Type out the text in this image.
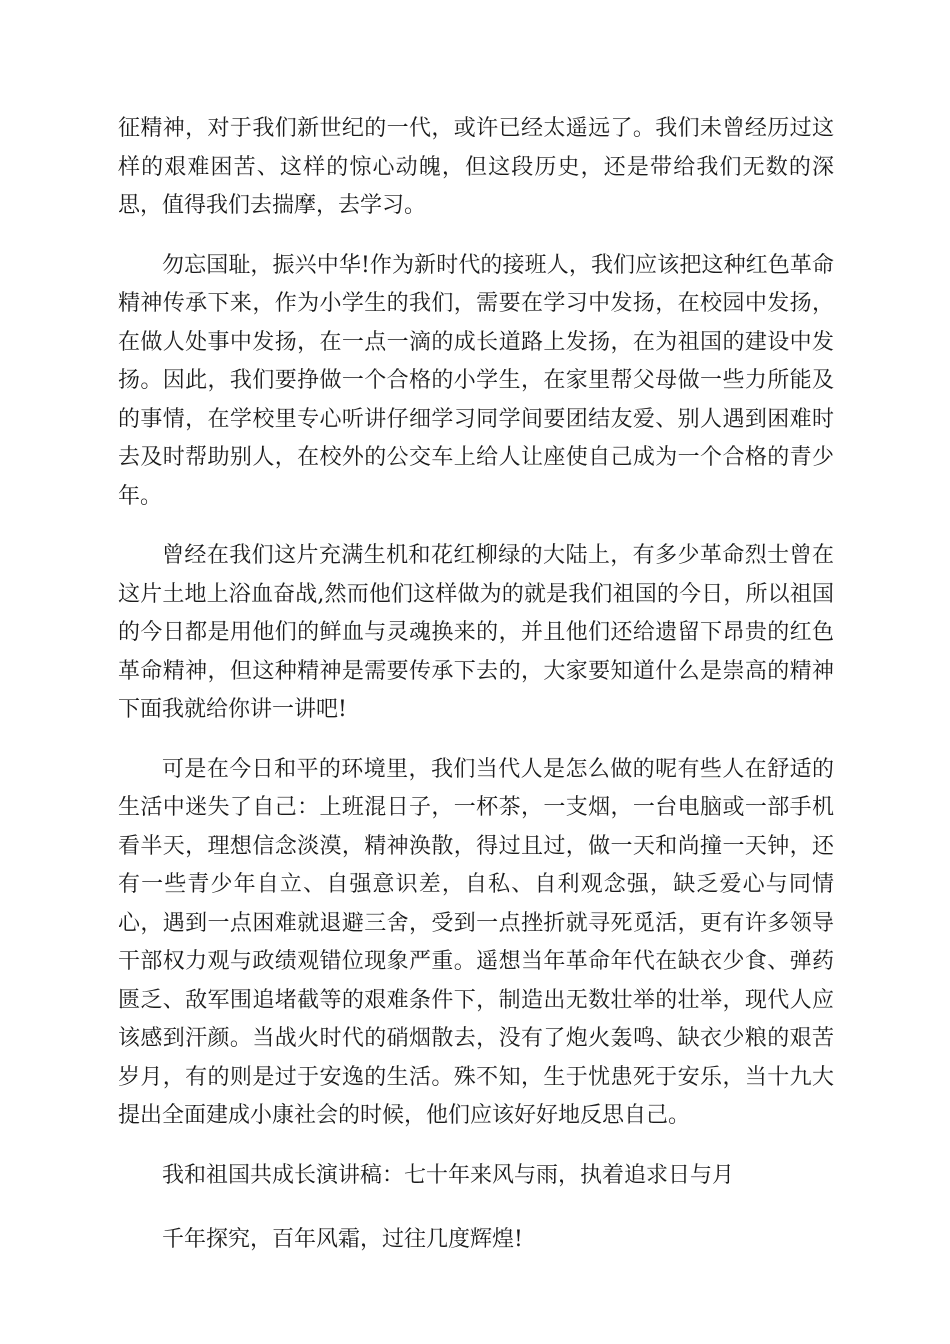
征精神，对于我们新世纪的一代，或许已经太遥远了。我们未曾经历过这样的艰难困苦、这样的惊心动魄，但这段历史，还是带给我们无数的深思，值得我们去揣摩，去学习。

勿忘国耻，振兴中华!作为新时代的接班人，我们应该把这种红色革命精神传承下来，作为小学生的我们，需要在学习中发扬，在校园中发扬，在做人处事中发扬，在一点一滴的成长道路上发扬，在为祖国的建设中发扬。因此，我们要挣做一个合格的小学生，在家里帮父母做一些力所能及的事情，在学校里专心听讲仔细学习同学间要团结友爱、别人遇到困难时去及时帮助别人，在校外的公交车上给人让座使自己成为一个合格的青少年。

曾经在我们这片充满生机和花红柳绿的大陆上，有多少革命烈士曾在这片土地上浴血奋战,然而他们这样做为的就是我们祖国的今日，所以祖国的今日都是用他们的鲜血与灵魂换来的，并且他们还给遗留下昂贵的红色革命精神，但这种精神是需要传承下去的，大家要知道什么是崇高的精神下面我就给你讲一讲吧!

可是在今日和平的环境里，我们当代人是怎么做的呢有些人在舒适的生活中迷失了自己：上班混日子，一杯茶，一支烟，一台电脑或一部手机看半天，理想信念淡漠，精神涣散，得过且过，做一天和尚撞一天钟，还有一些青少年自立、自强意识差，自私、自利观念强，缺乏爱心与同情心，遇到一点困难就退避三舍，受到一点挫折就寻死觅活，更有许多领导干部权力观与政绩观错位现象严重。遥想当年革命年代在缺衣少食、弹药匮乏、敌军围追堵截等的艰难条件下，制造出无数壮举的壮举，现代人应该感到汗颜。当战火时代的硝烟散去，没有了炮火轰鸣、缺衣少粮的艰苦岁月，有的则是过于安逸的生活。殊不知，生于忧患死于安乐，当十九大提出全面建成小康社会的时候，他们应该好好地反思自己。

我和祖国共成长演讲稿：七十年来风与雨，执着追求日与月

千年探究，百年风霜，过往几度辉煌!
